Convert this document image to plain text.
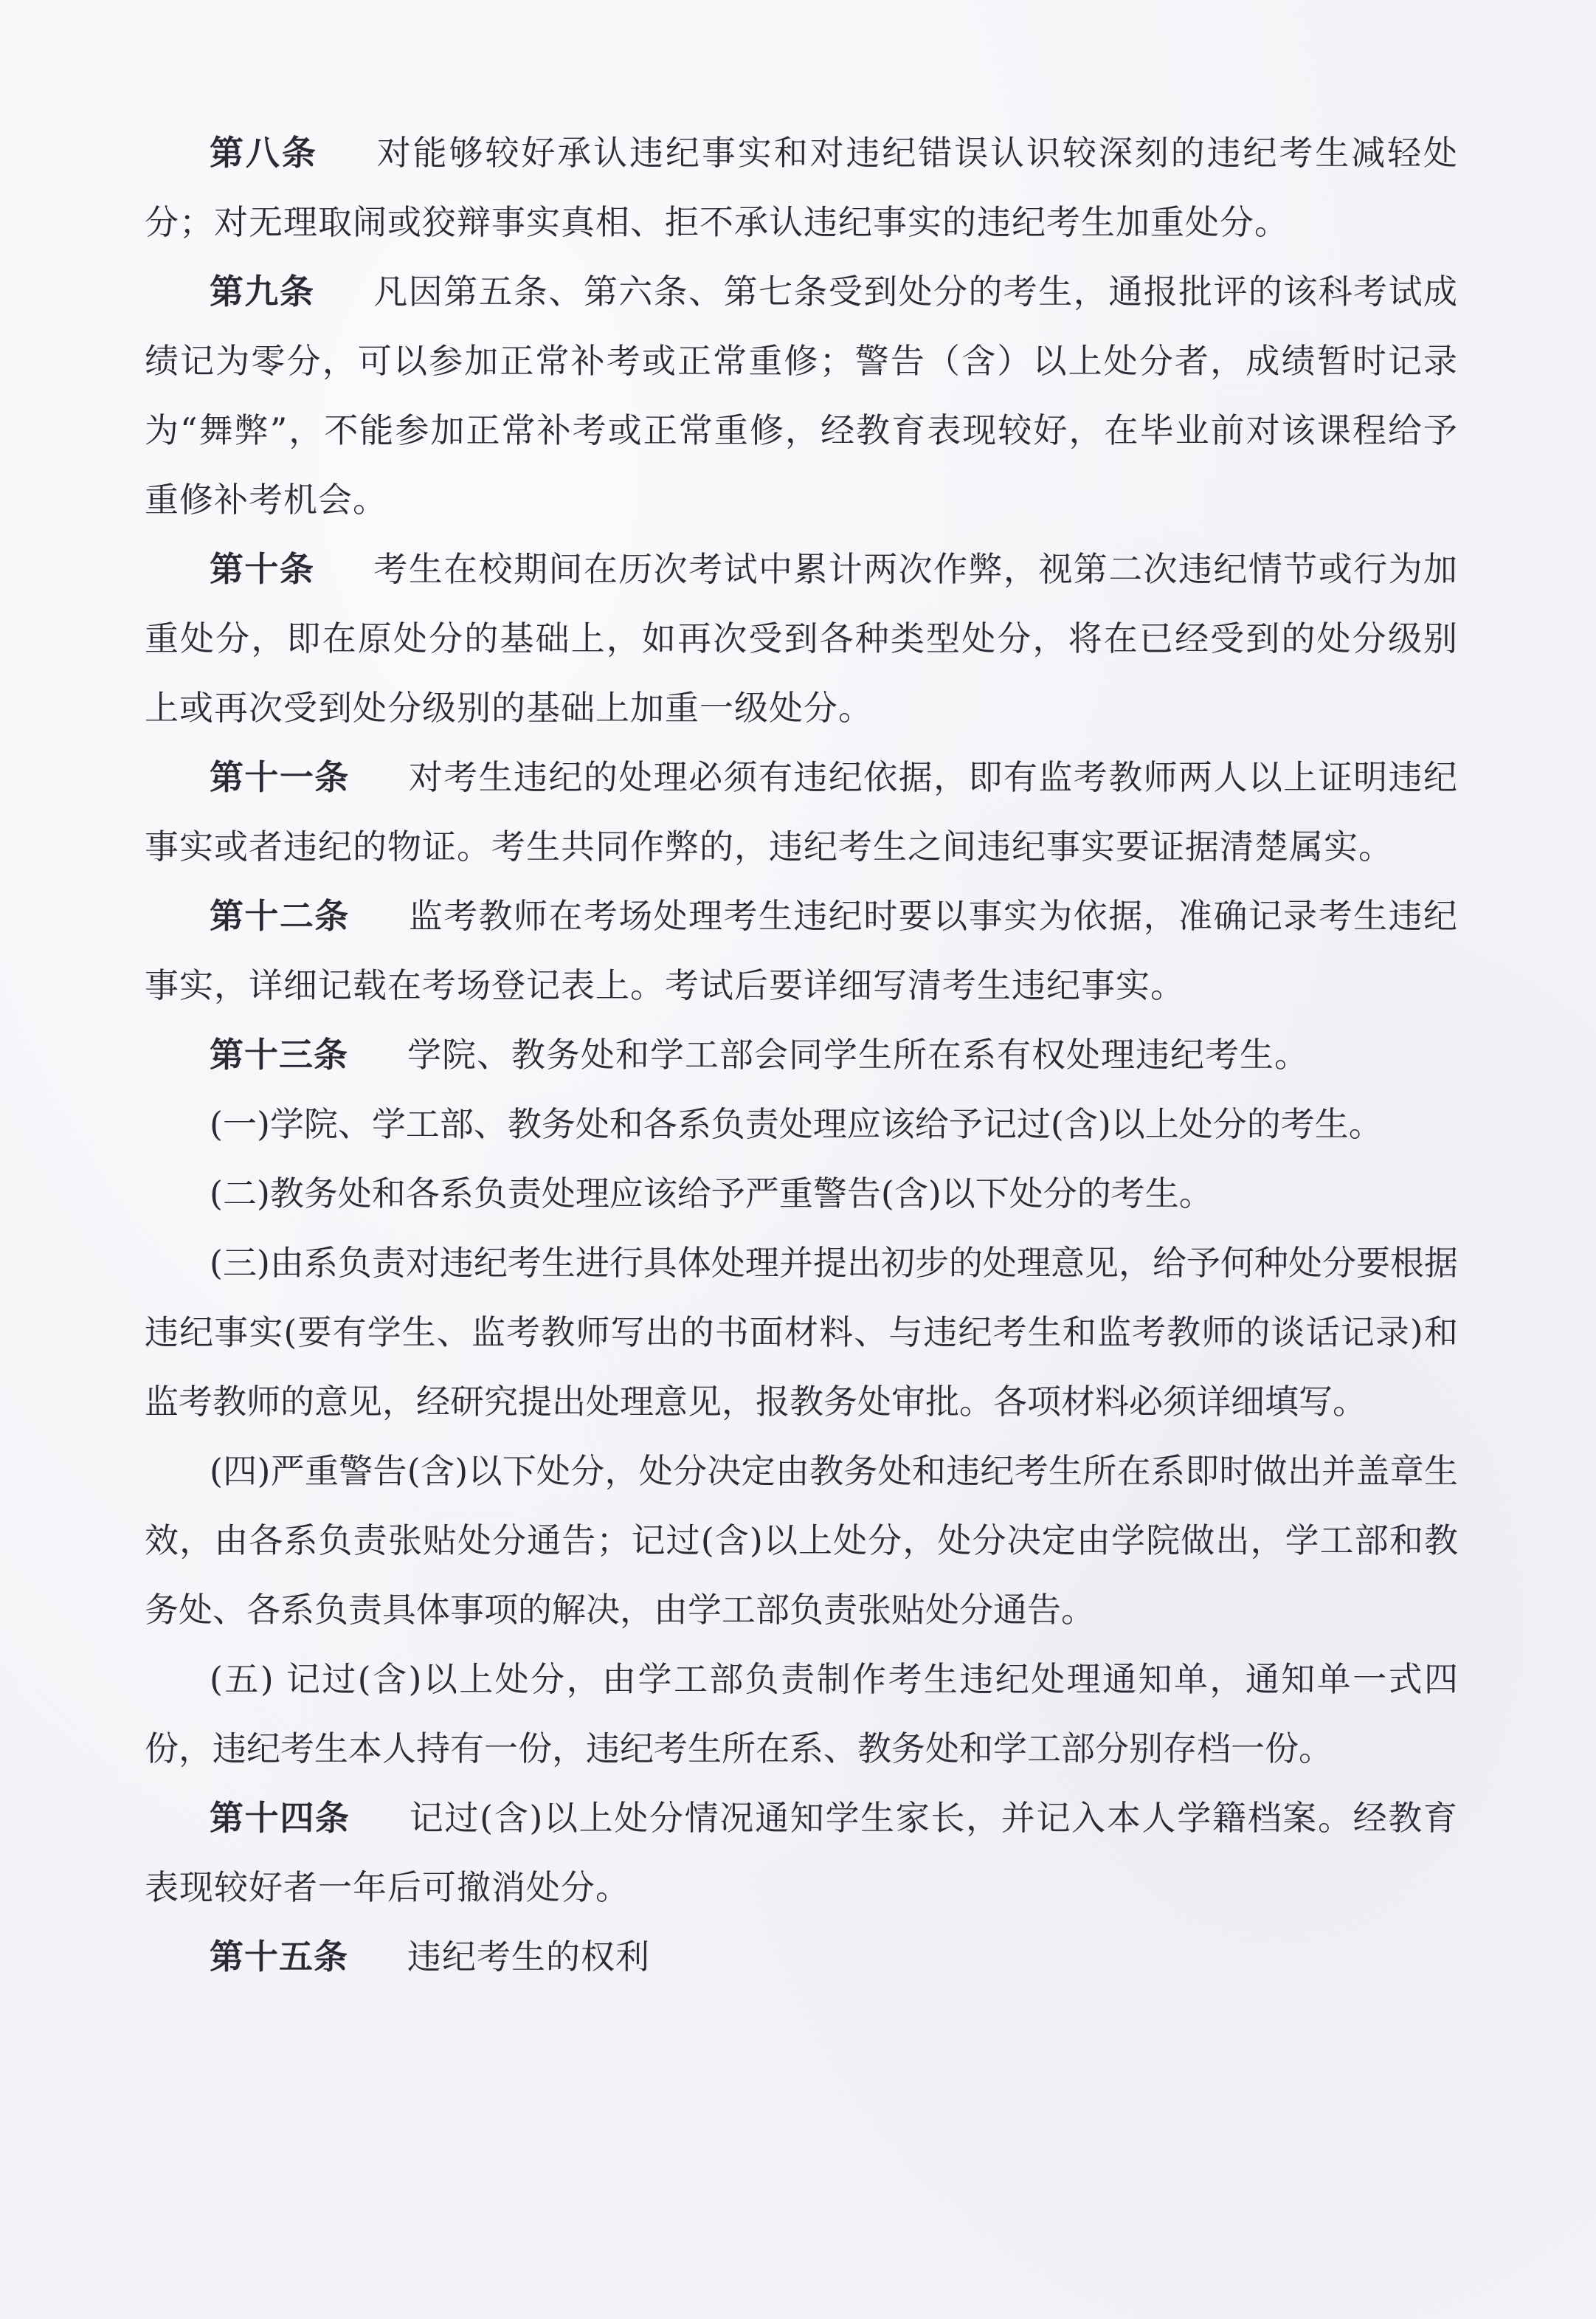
第八条 对能够较好承认违纪事实和对违纪错误认识较深刻的违纪考生减轻处分；对无理取闹或狡辩事实真相、拒不承认违纪事实的违纪考生加重处分。

第九条 凡因第五条、第六条、第七条受到处分的考生，通报批评的该科考试成绩记为零分，可以参加正常补考或正常重修；警告（含）以上处分者，成绩暂时记录为“舞弊”，不能参加正常补考或正常重修，经教育表现较好，在毕业前对该课程给予重修补考机会。

第十条 考生在校期间在历次考试中累计两次作弊，视第二次违纪情节或行为加重处分，即在原处分的基础上，如再次受到各种类型处分，将在已经受到的处分级别上或再次受到处分级别的基础上加重一级处分。

第十一条 对考生违纪的处理必须有违纪依据，即有监考教师两人以上证明违纪事实或者违纪的物证。考生共同作弊的，违纪考生之间违纪事实要证据清楚属实。

第十二条 监考教师在考场处理考生违纪时要以事实为依据，准确记录考生违纪事实，详细记载在考场登记表上。考试后要详细写清考生违纪事实。

第十三条 学院、教务处和学工部会同学生所在系有权处理违纪考生。

(一)学院、学工部、教务处和各系负责处理应该给予记过(含)以上处分的考生。

(二)教务处和各系负责处理应该给予严重警告(含)以下处分的考生。

(三)由系负责对违纪考生进行具体处理并提出初步的处理意见，给予何种处分要根据违纪事实(要有学生、监考教师写出的书面材料、与违纪考生和监考教师的谈话记录)和监考教师的意见，经研究提出处理意见，报教务处审批。各项材料必须详细填写。

(四)严重警告(含)以下处分，处分决定由教务处和违纪考生所在系即时做出并盖章生效，由各系负责张贴处分通告；记过(含)以上处分，处分决定由学院做出，学工部和教务处、各系负责具体事项的解决，由学工部负责张贴处分通告。

(五) 记过(含)以上处分，由学工部负责制作考生违纪处理通知单，通知单一式四份，违纪考生本人持有一份，违纪考生所在系、教务处和学工部分别存档一份。

第十四条 记过(含)以上处分情况通知学生家长，并记入本人学籍档案。经教育表现较好者一年后可撤消处分。

第十五条 违纪考生的权利
